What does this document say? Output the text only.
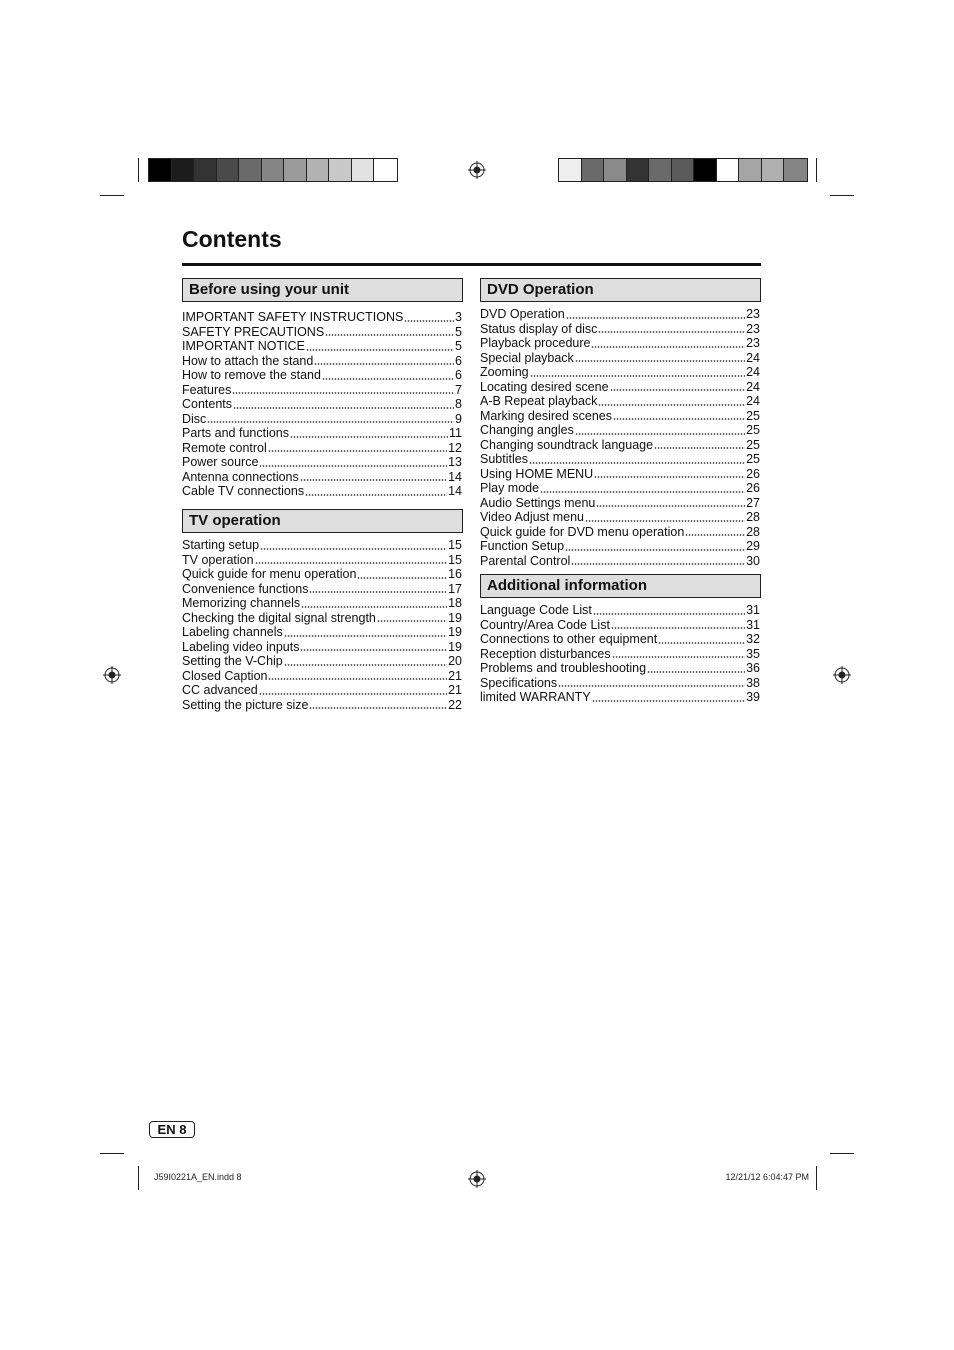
Contents
Before using your unit
IMPORTANT SAFETY INSTRUCTIONS	3
SAFETY PRECAUTIONS	5
IMPORTANT NOTICE	5
How to attach the stand	6
How to remove the stand	6
Features	7
Contents	8
Disc	9
Parts and functions	11
Remote control	12
Power source	13
Antenna connections	14
Cable TV connections	14
TV operation
Starting setup	15
TV operation	15
Quick guide for menu operation	16
Convenience functions	17
Memorizing channels	18
Checking the digital signal strength	19
Labeling channels	19
Labeling video inputs	19
Setting the V-Chip	20
Closed Caption	21
CC advanced	21
Setting the picture size	22
DVD Operation
DVD Operation	23
Status display of disc	23
Playback procedure	23
Special playback	24
Zooming	24
Locating desired scene	24
A-B Repeat playback	24
Marking desired scenes	25
Changing angles	25
Changing soundtrack language	25
Subtitles	25
Using HOME MENU	26
Play mode	26
Audio Settings menu	27
Video Adjust menu	28
Quick guide for DVD menu operation	28
Function Setup	29
Parental Control	30
Additional information
Language Code List	31
Country/Area Code List	31
Connections to other equipment	32
Reception disturbances	35
Problems and troubleshooting	36
Specifications	38
limited WARRANTY	39
EN 8
J59I0221A_EN.indd 8	12/21/12 6:04:47 PM
